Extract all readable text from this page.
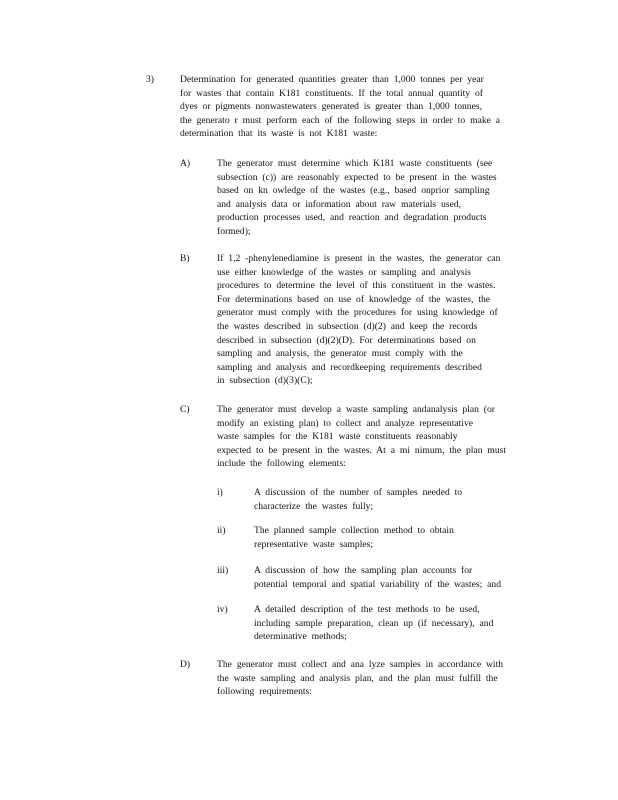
3)	Determination for generated quantities greater than 1,000 tonnes per year
for wastes that contain K181 constituents. If the total annual quantity of
dyes or pigments nonwastewaters generated is greater than 1,000 tonnes,
the generato r must perform each of the following steps in order to make a
determination that its waste is not K181 waste:
A)	The generator must determine which K181 waste constituents (see
subsection (c)) are reasonably expected to be present in the wastes
based on kn owledge of the wastes (e.g., based onprior sampling
and analysis data or information about raw materials used,
production processes used, and reaction and degradation products
formed);
B)	If 1,2 -phenylenediamine is present in the wastes, the generator can
use either knowledge of the wastes or sampling and analysis
procedures to determine the level of this constituent in the wastes.
For determinations based on use of knowledge of the wastes, the
generator must comply with the procedures for using knowledge of
the wastes described in subsection (d)(2) and keep the records
described in subsection (d)(2)(D). For determinations based on
sampling and analysis, the generator must comply with the
sampling and analysis and recordkeeping requirements described
in subsection (d)(3)(C);
C)	The generator must develop a waste sampling andanalysis plan (or
modify an existing plan) to collect and analyze representative
waste samples for the K181 waste constituents reasonably
expected to be present in the wastes. At a mi nimum, the plan must
include the following elements:
i)	A discussion of the number of samples needed to
characterize the wastes fully;
ii)	The planned sample collection method to obtain
representative waste samples;
iii)	A discussion of how the sampling plan accounts for
potential temporal and spatial variability of the wastes; and
iv)	A detailed description of the test methods to be used,
including sample preparation, clean up (if necessary), and
determinative methods;
D)	The generator must collect and ana lyze samples in accordance with
the waste sampling and analysis plan, and the plan must fulfill the
following requirements:
